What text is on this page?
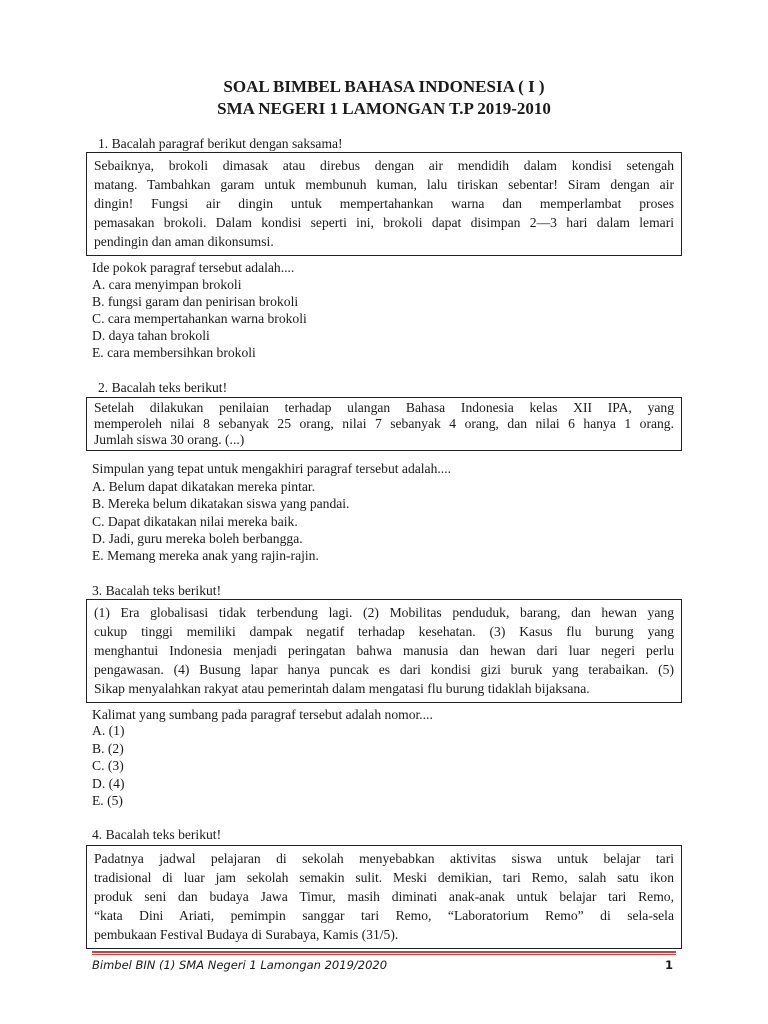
SOAL BIMBEL BAHASA INDONESIA ( I )
SMA NEGERI 1 LAMONGAN T.P 2019-2010
1. Bacalah paragraf berikut dengan saksama!

Sebaiknya, brokoli dimasak atau direbus dengan air mendidih dalam kondisi setengah

matang. Tambahkan garam untuk membunuh kuman, lalu tiriskan sebentar! Siram dengan air

dingin! Fungsi air dingin untuk mempertahankan warna dan memperlambat proses

pemasakan brokoli. Dalam kondisi seperti ini, brokoli dapat disimpan 2—3 hari dalam lemari

pendingin dan aman dikonsumsi.

Ide pokok paragraf tersebut adalah....
A. cara menyimpan brokoli
B. fungsi garam dan penirisan brokoli
C. cara mempertahankan warna brokoli
D. daya tahan brokoli
E. cara membersihkan brokoli
2. Bacalah teks berikut!

Setelah dilakukan penilaian terhadap ulangan Bahasa Indonesia kelas XII IPA, yang

memperoleh nilai 8 sebanyak 25 orang, nilai 7 sebanyak 4 orang, dan nilai 6 hanya 1 orang.

Jumlah siswa 30 orang. (...)

Simpulan yang tepat untuk mengakhiri paragraf tersebut adalah....
A. Belum dapat dikatakan mereka pintar.
B. Mereka belum dikatakan siswa yang pandai.
C. Dapat dikatakan nilai mereka baik.
D. Jadi, guru mereka boleh berbangga.
E. Memang mereka anak yang rajin-rajin.
3. Bacalah teks berikut!

(1) Era globalisasi tidak terbendung lagi. (2) Mobilitas penduduk, barang, dan hewan yang

cukup tinggi memiliki dampak negatif terhadap kesehatan. (3) Kasus flu burung yang

menghantui Indonesia menjadi peringatan bahwa manusia dan hewan dari luar negeri perlu

pengawasan. (4) Busung lapar hanya puncak es dari kondisi gizi buruk yang terabaikan. (5)

Sikap menyalahkan rakyat atau pemerintah dalam mengatasi flu burung tidaklah bijaksana.

Kalimat yang sumbang pada paragraf tersebut adalah nomor....
A. (1)
B. (2)
C. (3)
D. (4)
E. (5)
4. Bacalah teks berikut!

Padatnya jadwal pelajaran di sekolah menyebabkan aktivitas siswa untuk belajar tari

tradisional di luar jam sekolah semakin sulit. Meski demikian, tari Remo, salah satu ikon

produk seni dan budaya Jawa Timur, masih diminati anak-anak untuk belajar tari Remo,

“kata Dini Ariati, pemimpin sanggar tari Remo, “Laboratorium Remo” di sela-sela

pembukaan Festival Budaya di Surabaya, Kamis (31/5).

Bimbel BIN (1) SMA Negeri 1 Lamongan 2019/2020	1
